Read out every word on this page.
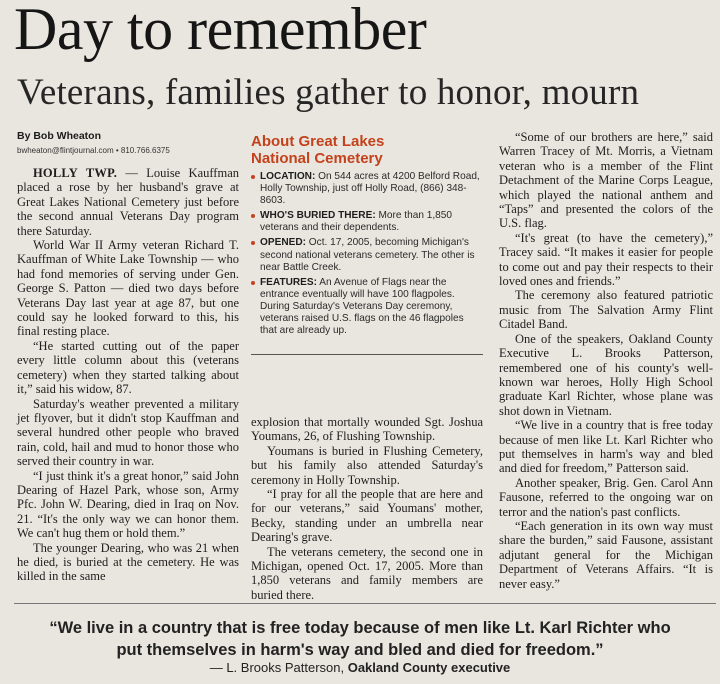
Day to remember
Veterans, families gather to honor, mourn
By Bob Wheaton
bwheaton@flintjournal.com • 810.766.6375

HOLLY TWP. — Louise Kauffman placed a rose by her husband's grave at Great Lakes National Cemetery just before the second annual Veterans Day program there Saturday.

World War II Army veteran Richard T. Kauffman of White Lake Township — who had fond memories of serving under Gen. George S. Patton — died two days before Veterans Day last year at age 87, but one could say he looked forward to this, his final resting place.

“He started cutting out of the paper every little column about this (veterans cemetery) when they started talking about it,” said his widow, 87.

Saturday's weather prevented a military jet flyover, but it didn't stop Kauffman and several hundred other people who braved rain, cold, hail and mud to honor those who served their country in war.

“I just think it's a great honor,” said John Dearing of Hazel Park, whose son, Army Pfc. John W. Dearing, died in Iraq on Nov. 21. “It's the only way we can honor them. We can't hug them or hold them.”

The younger Dearing, who was 21 when he died, is buried at the cemetery. He was killed in the same

About Great Lakes
National Cemetery
LOCATION: On 544 acres at 4200 Belford Road, Holly Township, just off Holly Road, (866) 348-8603.
WHO'S BURIED THERE: More than 1,850 veterans and their dependents.
OPENED: Oct. 17, 2005, becoming Michigan's second national veterans cemetery. The other is near Battle Creek.
FEATURES: An Avenue of Flags near the entrance eventually will have 100 flagpoles. During Saturday's Veterans Day ceremony, veterans raised U.S. flags on the 46 flagpoles that are already up.

explosion that mortally wounded Sgt. Joshua Youmans, 26, of Flushing Township.

Youmans is buried in Flushing Cemetery, but his family also attended Saturday's ceremony in Holly Township.

“I pray for all the people that are here and for our veterans,” said Youmans' mother, Becky, standing under an umbrella near Dearing's grave.

The veterans cemetery, the second one in Michigan, opened Oct. 17, 2005. More than 1,850 veterans and family members are buried there.

“Some of our brothers are here,” said Warren Tracey of Mt. Morris, a Vietnam veteran who is a member of the Flint Detachment of the Marine Corps League, which played the national anthem and “Taps” and presented the colors of the U.S. flag.

“It's great (to have the cemetery),” Tracey said. “It makes it easier for people to come out and pay their respects to their loved ones and friends.”

The ceremony also featured patriotic music from The Salvation Army Flint Citadel Band.

One of the speakers, Oakland County Executive L. Brooks Patterson, remembered one of his county's well-known war heroes, Holly High School graduate Karl Richter, whose plane was shot down in Vietnam.

“We live in a country that is free today because of men like Lt. Karl Richter who put themselves in harm's way and bled and died for freedom,” Patterson said.

Another speaker, Brig. Gen. Carol Ann Fausone, referred to the ongoing war on terror and the nation's past conflicts.

“Each generation in its own way must share the burden,” said Fausone, assistant adjutant general for the Michigan Department of Veterans Affairs. “It is never easy.”

“We live in a country that is free today because of men like Lt. Karl Richter who
put themselves in harm's way and bled and died for freedom.”
— L. Brooks Patterson, Oakland County executive
